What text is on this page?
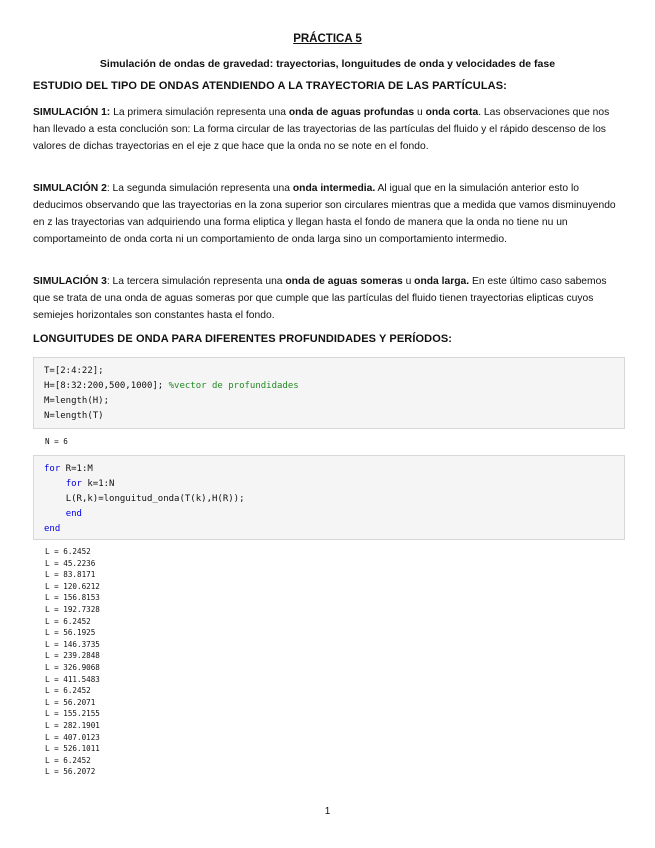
PRÁCTICA 5
Simulación de ondas de gravedad: trayectorias, longuitudes de onda y velocidades de fase
ESTUDIO DEL TIPO DE ONDAS ATENDIENDO A LA TRAYECTORIA DE LAS PARTÍCULAS:
SIMULACIÓN 1: La primera simulación representa una onda de aguas profundas u onda corta. Las observaciones que nos han llevado a esta conclución son: La forma circular de las trayectorias de las partículas del fluido y el rápido descenso de los valores de dichas trayectorias en el eje z que hace que la onda no se note en el fondo.
SIMULACIÓN 2: La segunda simulación representa una onda intermedia. Al igual que en la simulación anterior esto lo deducimos observando que las trayectorias en la zona superior son circulares mientras que a medida que vamos disminuyendo en z las trayectorias van adquiriendo una forma eliptica y llegan hasta el fondo de manera que la onda no tiene nu un comportameinto de onda corta ni un comportamiento de onda larga sino un comportamiento intermedio.
SIMULACIÓN 3: La tercera simulación representa una onda de aguas someras u onda larga. En este último caso sabemos que se trata de una onda de aguas someras por que cumple que las partículas del fluido tienen trayectorias elipticas cuyos semiejes horizontales son constantes hasta el fondo.
LONGUITUDES DE ONDA PARA DIFERENTES PROFUNDIDADES Y PERÍODOS:
T=[2:4:22];
H=[8:32:200,500,1000]; %vector de profundidades
M=length(H);
N=length(T)
N = 6
for R=1:M
for k=1:N
L(R,k)=longuitud_onda(T(k),H(R));
end
end
L = 6.2452
L = 45.2236
L = 83.8171
L = 120.6212
L = 156.8153
L = 192.7328
L = 6.2452
L = 56.1925
L = 146.3735
L = 239.2848
L = 326.9068
L = 411.5483
L = 6.2452
L = 56.2071
L = 155.2155
L = 282.1901
L = 407.0123
L = 526.1011
L = 6.2452
L = 56.2072
1
